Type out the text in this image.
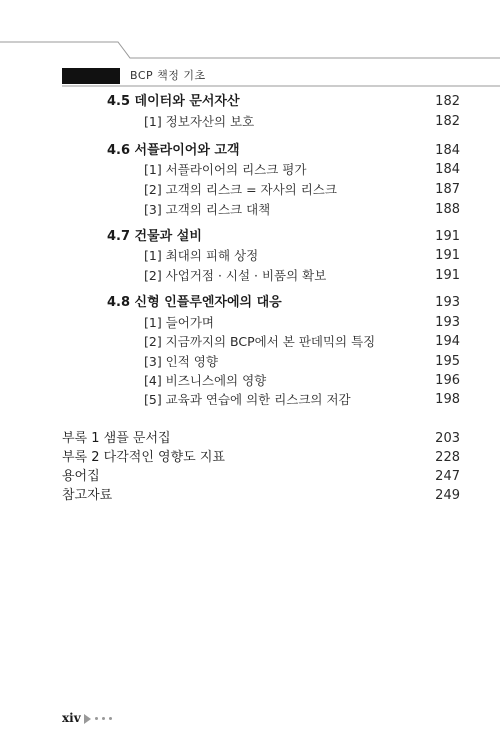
BCP 책정 기초
4.5 데이터와 문서자산	182
[1] 정보자산의 보호	182
4.6 서플라이어와 고객	184
[1] 서플라이어의 리스크 평가	184
[2] 고객의 리스크 = 자사의 리스크	187
[3] 고객의 리스크 대책	188
4.7 건물과 설비	191
[1] 최대의 피해 상정	191
[2] 사업거점 · 시설 · 비품의 확보	191
4.8 신형 인플루엔자에의 대응	193
[1] 들어가며	193
[2] 지금까지의 BCP에서 본 판데믹의 특징	194
[3] 인적 영향	195
[4] 비즈니스에의 영향	196
[5] 교육과 연습에 의한 리스크의 저감	198
부록 1 샘플 문서집	203
부록 2 다각적인 영향도 지표	228
용어집	247
참고자료	249
xiv
